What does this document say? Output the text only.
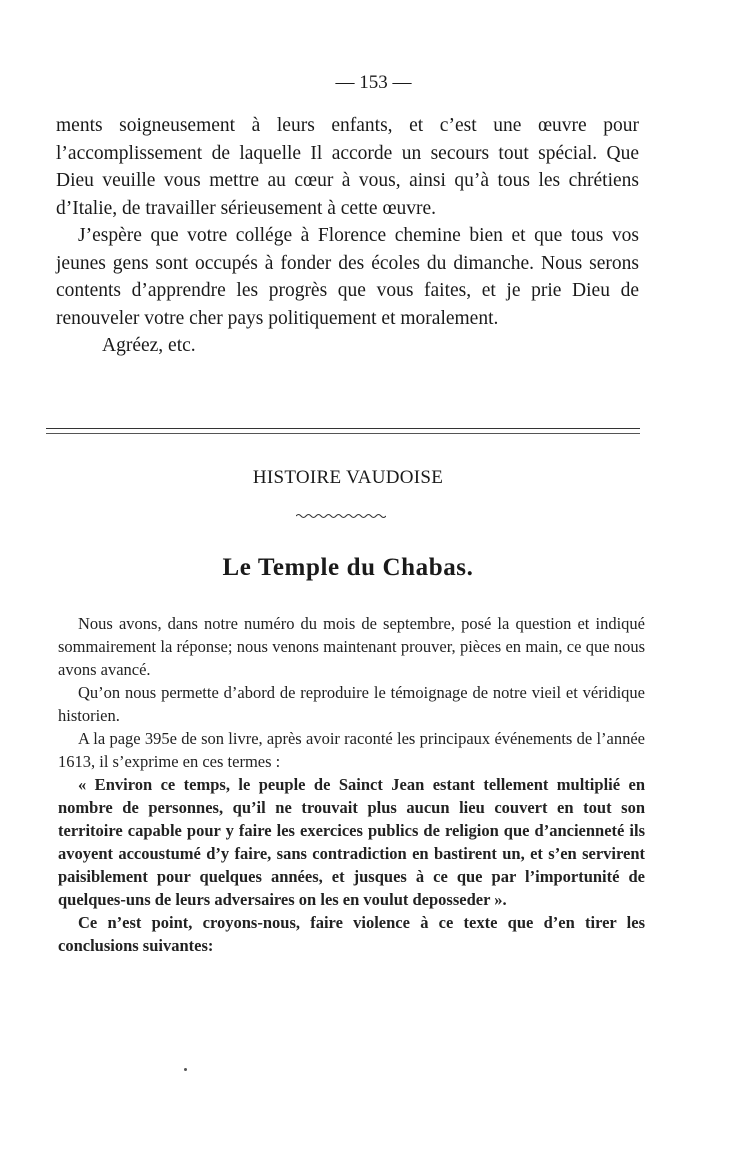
— 153 —

ments soigneusement à leurs enfants, et c’est une œuvre pour l’accomplissement de laquelle Il accorde un secours tout spécial. Que Dieu veuille vous mettre au cœur à vous, ainsi qu’à tous les chrétiens d’Italie, de travailler sérieusement à cette œuvre.

J’espère que votre collége à Florence chemine bien et que tous vos jeunes gens sont occupés à fonder des écoles du dimanche. Nous serons contents d’apprendre les progrès que vous faites, et je prie Dieu de renouveler votre cher pays politiquement et moralement.

Agréez, etc.

HISTOIRE VAUDOISE
Le Temple du Chabas.

Nous avons, dans notre numéro du mois de septembre, posé la question et indiqué sommairement la réponse; nous venons maintenant prouver, pièces en main, ce que nous avons avancé.

Qu’on nous permette d’abord de reproduire le témoignage de notre vieil et véridique historien.

A la page 395e de son livre, après avoir raconté les principaux événements de l’année 1613, il s’exprime en ces termes :

« Environ ce temps, le peuple de Sainct Jean estant tellement multiplié en nombre de personnes, qu’il ne trouvait plus aucun lieu couvert en tout son territoire capable pour y faire les exercices publics de religion que d’ancienneté ils avoyent accoustumé d’y faire, sans contradiction en bastirent un, et s’en servirent paisiblement pour quelques années, et jusques à ce que par l’importunité de quelques-uns de leurs adversaires on les en voulut deposseder ».

Ce n’est point, croyons-nous, faire violence à ce texte que d’en tirer les conclusions suivantes:
